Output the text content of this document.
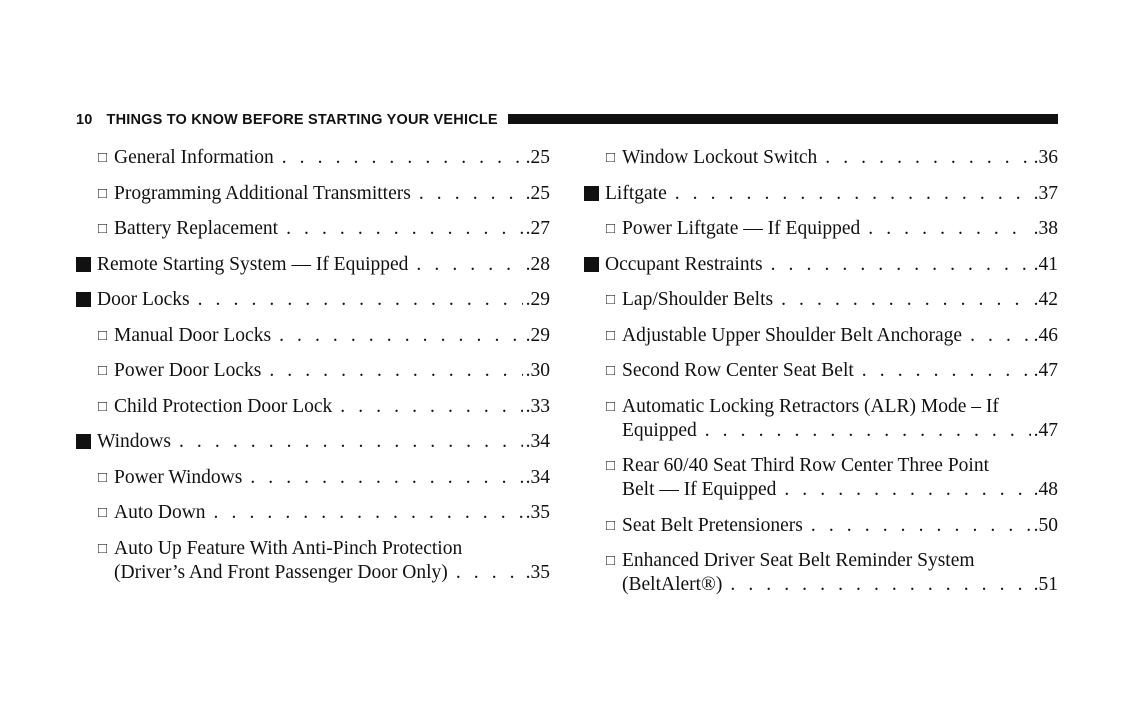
10 THINGS TO KNOW BEFORE STARTING YOUR VEHICLE
□ General Information . . .	.25
□ Programming Additional Transmitters . . .	.25
□ Battery Replacement . . .	.27
Remote Starting System — If Equipped . . .	.28
Door Locks . . .	.29
□ Manual Door Locks . . .	.29
□ Power Door Locks . . .	.30
□ Child Protection Door Lock . . .	.33
Windows . . .	.34
□ Power Windows . . .	.34
□ Auto Down . . .	.35
□ Auto Up Feature With Anti-Pinch Protection
(Driver’s And Front Passenger Door Only) . . .	.35
□ Window Lockout Switch . . .	.36
Liftgate . . .	.37
□ Power Liftgate — If Equipped . . .	.38
Occupant Restraints . . .	.41
□ Lap/Shoulder Belts . . .	.42
□ Adjustable Upper Shoulder Belt Anchorage . . .	.46
□ Second Row Center Seat Belt . . .	.47
□ Automatic Locking Retractors (ALR) Mode – If
Equipped . . .	.47
□ Rear 60/40 Seat Third Row Center Three Point
Belt — If Equipped . . .	.48
□ Seat Belt Pretensioners . . .	.50
□ Enhanced Driver Seat Belt Reminder System
(BeltAlert®) . . .	.51
